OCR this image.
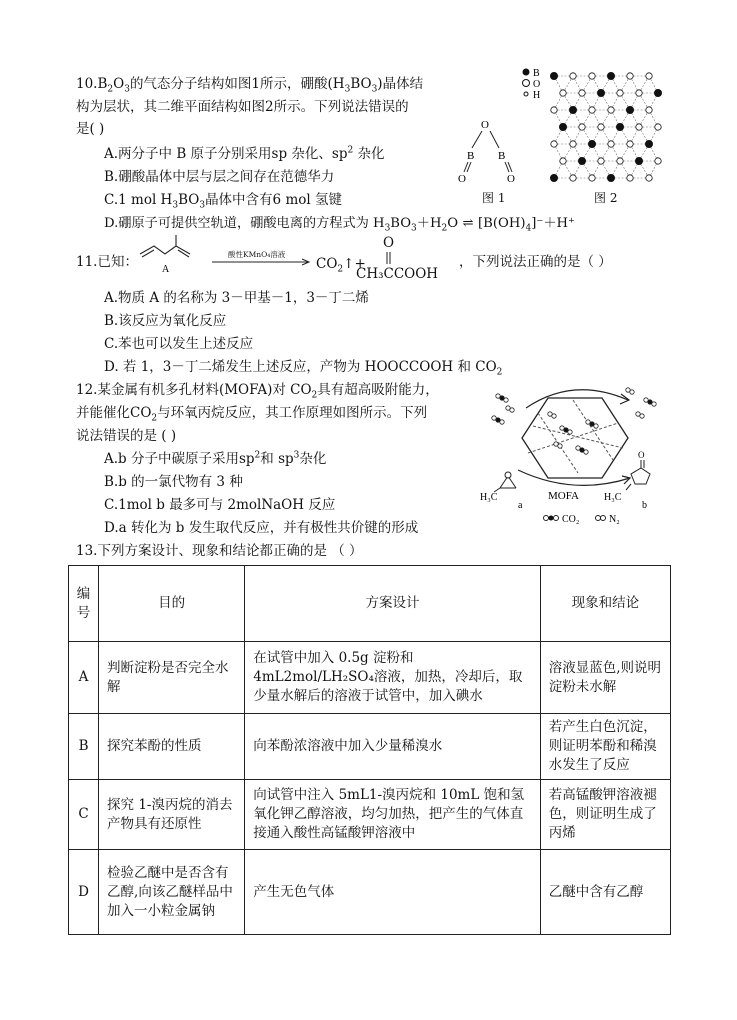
$10.B_2O_3$的气态分子结构如图1所示，硼酸$(H_3BO_3)$晶体结
构为层状，其二维平面结构如图2所示。下列说法错误的
是( )
A.两分子中 B 原子分别采用sp 杂化、$sp^2$ 杂化
B.硼酸晶体中层与层之间存在范德华力
C.1 mol $H_3BO_3$晶体中含有6 mol 氢键
D.硼原子可提供空轨道，硼酸电离的方程式为 $H_3BO_3+H_2O$ ⇌ $[B(OH)_4]^-+H^+$
O
B B
O	O
图 1
B
O
H
图 2
11.已知： A
酸性KMnO₄溶液
$CO_2↑+$
O
CH₃CCOOH
，下列说法正确的是（ ）
A.物质 A 的名称为 3－甲基－1，3－丁二烯
B.该反应为氧化反应
C.苯也可以发生上述反应
D. 若 1，3－丁二烯发生上述反应，产物为 HOOCCOOH 和 $CO_2$
12.某金属有机多孔材料(MOFA)对 $CO_2$具有超高吸附能力，
并能催化$CO_2$与环氧丙烷反应，其工作原理如图所示。下列
说法错误的是 ( )
A.b 分子中碳原子采用$sp^2$和 $sp^3$杂化
B.b 的一氯代物有 3 种
C.1mol b 最多可与 2molNaOH 反应
D.a 转化为 b 发生取代反应，并有极性共价键的形成
H₃C
a
MOFA
O
H₃C
b
CO₂	N₂
13.下列方案设计、现象和结论都正确的是 （ ）
编号	目的	方案设计	现象和结论
A	判断淀粉是否完全水解	在试管中加入 0.5g 淀粉和 4mL2mol/LH₂SO₄溶液，加热，冷却后，取少量水解后的溶液于试管中，加入碘水	溶液显蓝色,则说明淀粉未水解
B	探究苯酚的性质	向苯酚浓溶液中加入少量稀溴水	若产生白色沉淀，则证明苯酚和稀溴水发生了反应
C	探究 1-溴丙烷的消去产物具有还原性	向试管中注入 5mL1-溴丙烷和 10mL 饱和氢氧化钾乙醇溶液，均匀加热，把产生的气体直接通入酸性高锰酸钾溶液中	若高锰酸钾溶液褪色，则证明生成了丙烯
D	检验乙醚中是否含有乙醇,向该乙醚样品中加入一小粒金属钠	产生无色气体	乙醚中含有乙醇
